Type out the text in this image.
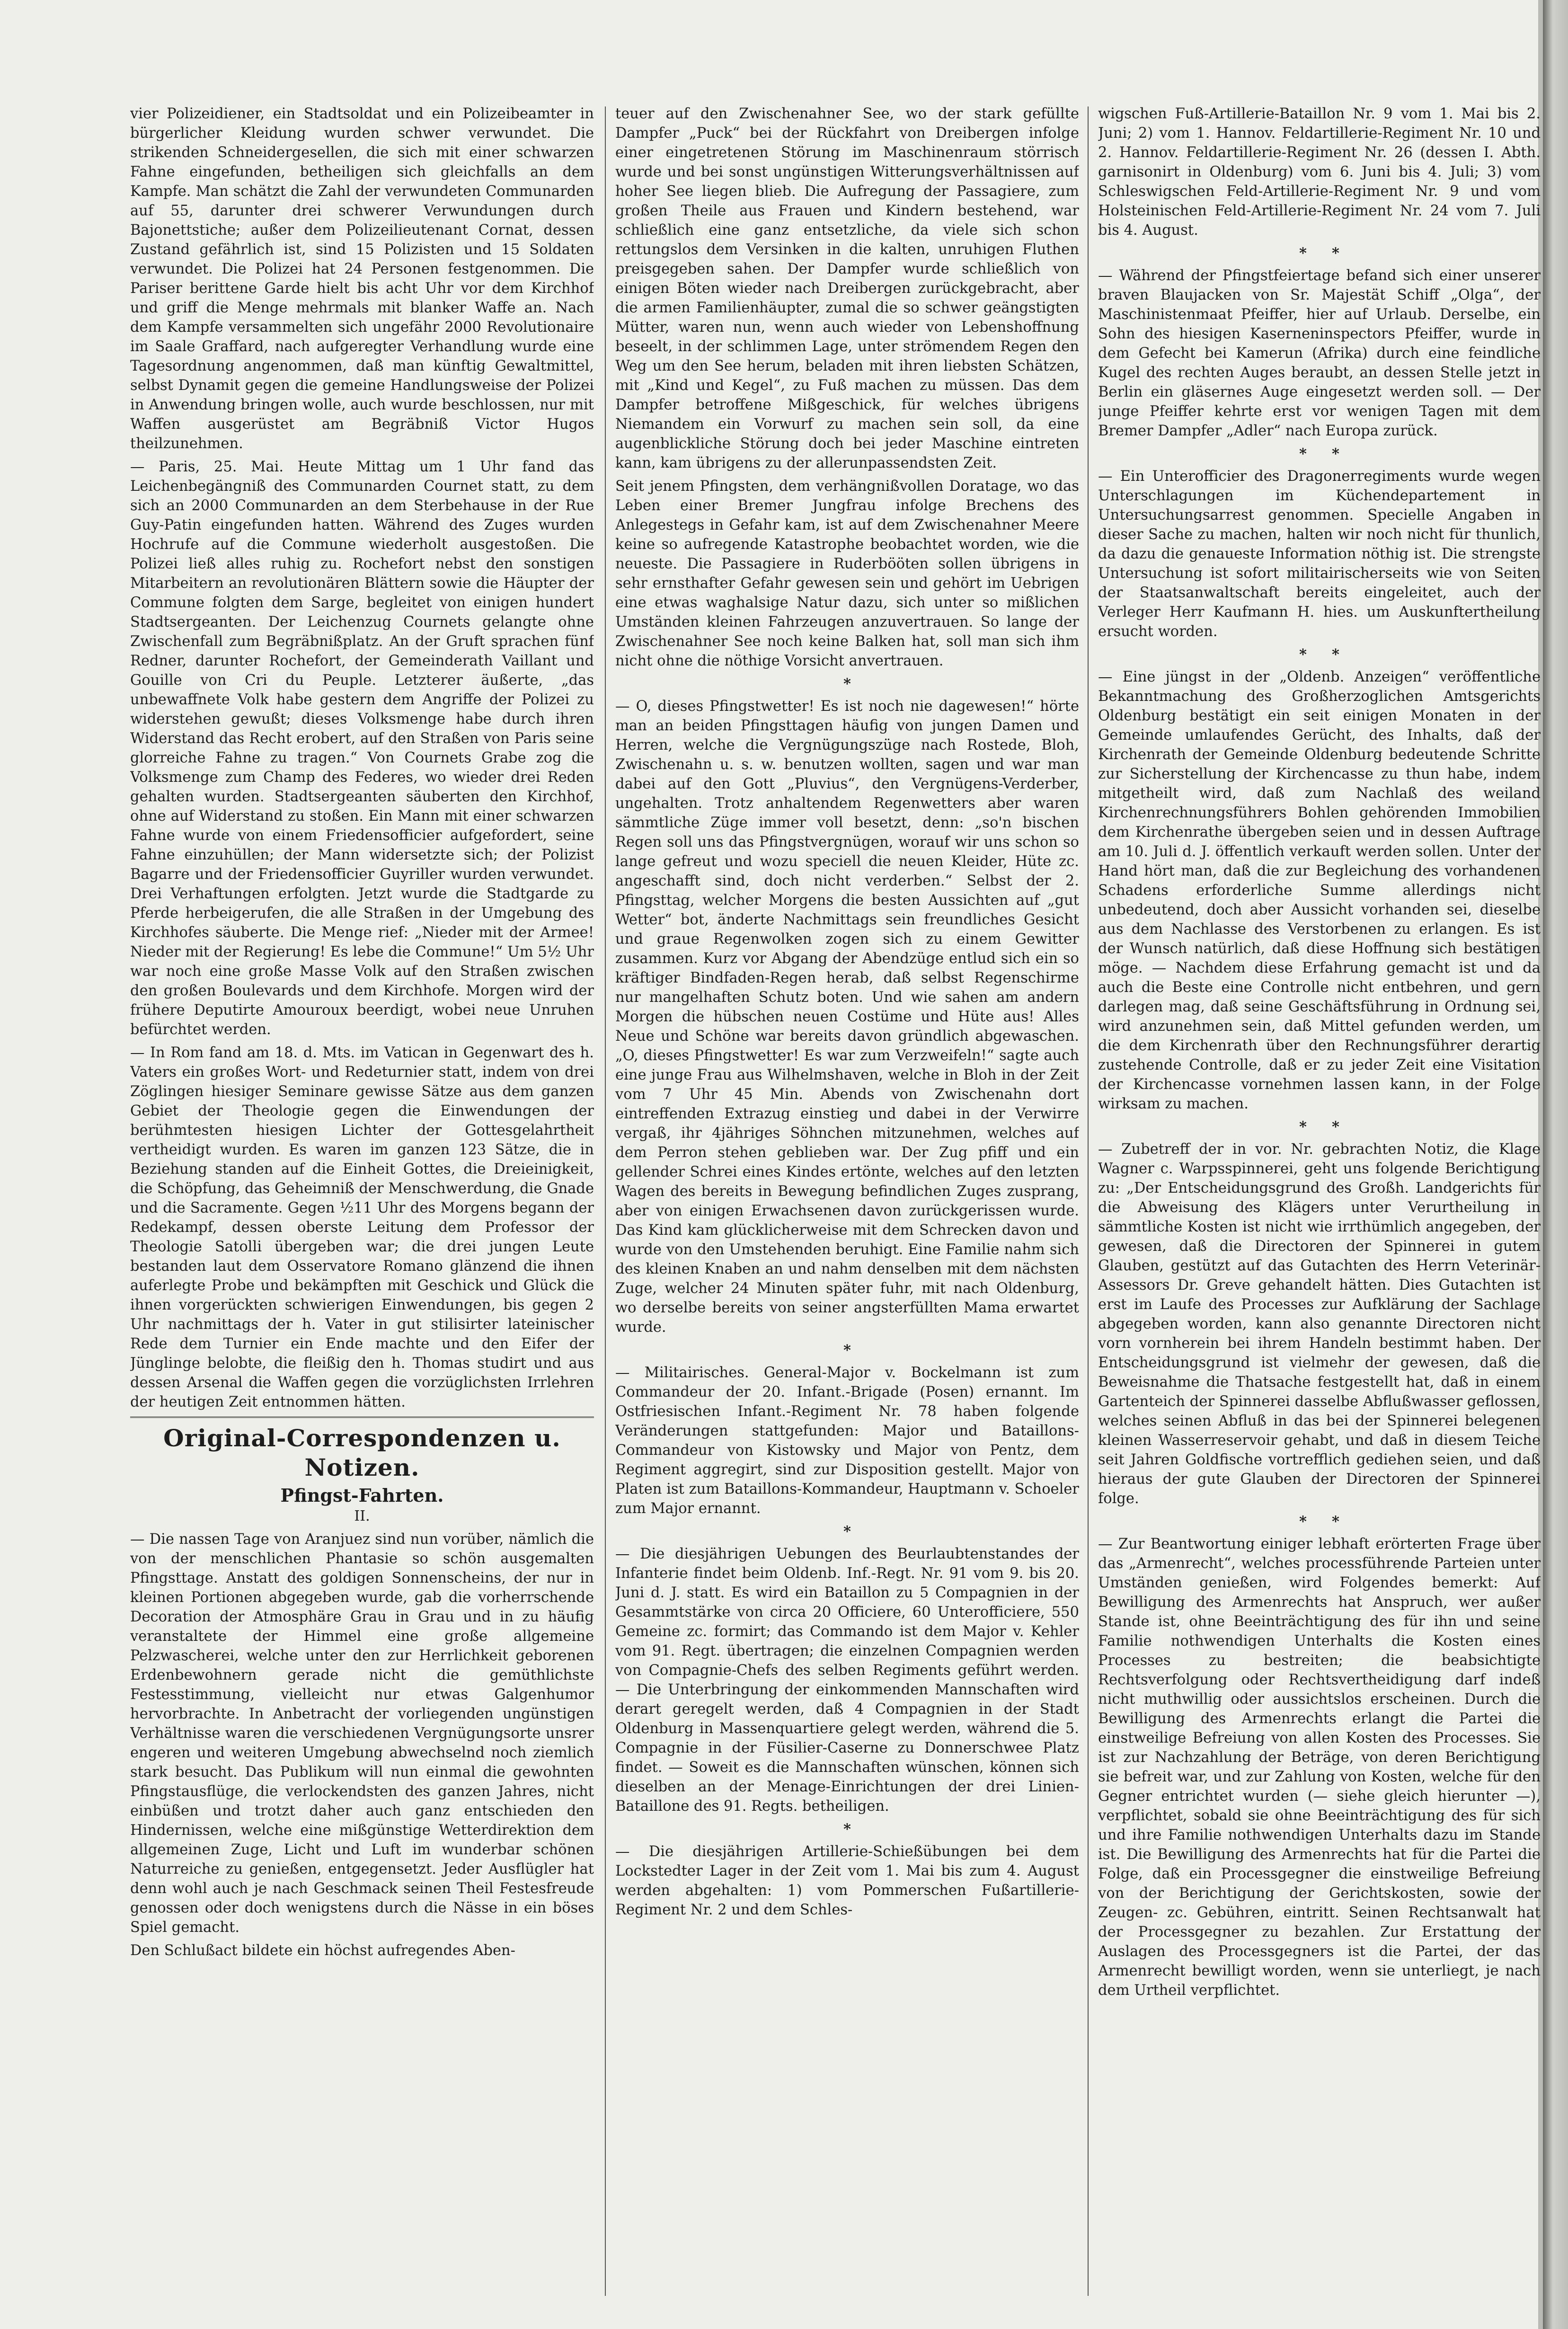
vier Polizeidiener, ein Stadtsoldat und ein Polizeibeamter in bürgerlicher Kleidung wurden schwer verwundet. Die strikenden Schneidergesellen, die sich mit einer schwarzen Fahne eingefunden, betheiligen sich gleichfalls an dem Kampfe. Man schätzt die Zahl der verwundeten Communarden auf 55, darunter drei schwerer Verwundungen durch Bajonettstiche; außer dem Polizeilieutenant Cornat, dessen Zustand gefährlich ist, sind 15 Polizisten und 15 Soldaten verwundet. Die Polizei hat 24 Personen festgenommen. Die Pariser berittene Garde hielt bis acht Uhr vor dem Kirchhof und griff die Menge mehrmals mit blanker Waffe an. Nach dem Kampfe versammelten sich ungefähr 2000 Revolutionaire im Saale Graffard, nach aufgeregter Verhandlung wurde eine Tagesordnung angenommen, daß man künftig Gewaltmittel, selbst Dynamit gegen die gemeine Handlungsweise der Polizei in Anwendung bringen wolle, auch wurde beschlossen, nur mit Waffen ausgerüstet am Begräbniß Victor Hugos theilzunehmen.

— Paris, 25. Mai. Heute Mittag um 1 Uhr fand das Leichenbegängniß des Communarden Cournet statt, zu dem sich an 2000 Communarden an dem Sterbehause in der Rue Guy-Patin eingefunden hatten. Während des Zuges wurden Hochrufe auf die Commune wiederholt ausgestoßen. Die Polizei ließ alles ruhig zu. Rochefort nebst den sonstigen Mitarbeitern an revolutionären Blättern sowie die Häupter der Commune folgten dem Sarge, begleitet von einigen hundert Stadtsergeanten. Der Leichenzug Cournets gelangte ohne Zwischenfall zum Begräbnißplatz. An der Gruft sprachen fünf Redner, darunter Rochefort, der Gemeinderath Vaillant und Gouille von Cri du Peuple. Letzterer äußerte, „das unbewaffnete Volk habe gestern dem Angriffe der Polizei zu widerstehen gewußt; dieses Volksmenge habe durch ihren Widerstand das Recht erobert, auf den Straßen von Paris seine glorreiche Fahne zu tragen.“ Von Cournets Grabe zog die Volksmenge zum Champ des Federes, wo wieder drei Reden gehalten wurden. Stadtsergeanten säuberten den Kirchhof, ohne auf Widerstand zu stoßen. Ein Mann mit einer schwarzen Fahne wurde von einem Friedensofficier aufgefordert, seine Fahne einzuhüllen; der Mann widersetzte sich; der Polizist Bagarre und der Friedensofficier Guyriller wurden verwundet. Drei Verhaftungen erfolgten. Jetzt wurde die Stadtgarde zu Pferde herbeigerufen, die alle Straßen in der Umgebung des Kirchhofes säuberte. Die Menge rief: „Nieder mit der Armee! Nieder mit der Regierung! Es lebe die Commune!“ Um 5½ Uhr war noch eine große Masse Volk auf den Straßen zwischen den großen Boulevards und dem Kirchhofe. Morgen wird der frühere Deputirte Amouroux beerdigt, wobei neue Unruhen befürchtet werden.

— In Rom fand am 18. d. Mts. im Vatican in Gegenwart des h. Vaters ein großes Wort- und Redeturnier statt, indem von drei Zöglingen hiesiger Seminare gewisse Sätze aus dem ganzen Gebiet der Theologie gegen die Einwendungen der berühmtesten hiesigen Lichter der Gottesgelahrtheit vertheidigt wurden. Es waren im ganzen 123 Sätze, die in Beziehung standen auf die Einheit Gottes, die Dreieinigkeit, die Schöpfung, das Geheimniß der Menschwerdung, die Gnade und die Sacramente. Gegen ½11 Uhr des Morgens begann der Redekampf, dessen oberste Leitung dem Professor der Theologie Satolli übergeben war; die drei jungen Leute bestanden laut dem Osservatore Romano glänzend die ihnen auferlegte Probe und bekämpften mit Geschick und Glück die ihnen vorgerückten schwierigen Einwendungen, bis gegen 2 Uhr nachmittags der h. Vater in gut stilisirter lateinischer Rede dem Turnier ein Ende machte und den Eifer der Jünglinge belobte, die fleißig den h. Thomas studirt und aus dessen Arsenal die Waffen gegen die vorzüglichsten Irrlehren der heutigen Zeit entnommen hätten.

Original-Correspondenzen u. Notizen.
Pfingst-Fahrten.
II.

— Die nassen Tage von Aranjuez sind nun vorüber, nämlich die von der menschlichen Phantasie so schön ausgemalten Pfingsttage. Anstatt des goldigen Sonnenscheins, der nur in kleinen Portionen abgegeben wurde, gab die vorherrschende Decoration der Atmosphäre Grau in Grau und in zu häufig veranstaltete der Himmel eine große allgemeine Pelzwascherei, welche unter den zur Herrlichkeit geborenen Erdenbewohnern gerade nicht die gemüthlichste Festesstimmung, vielleicht nur etwas Galgenhumor hervorbrachte. In Anbetracht der vorliegenden ungünstigen Verhältnisse waren die verschiedenen Vergnügungsorte unsrer engeren und weiteren Umgebung abwechselnd noch ziemlich stark besucht. Das Publikum will nun einmal die gewohnten Pfingstausflüge, die verlockendsten des ganzen Jahres, nicht einbüßen und trotzt daher auch ganz entschieden den Hindernissen, welche eine mißgünstige Wetterdirektion dem allgemeinen Zuge, Licht und Luft im wunderbar schönen Naturreiche zu genießen, entgegensetzt. Jeder Ausflügler hat denn wohl auch je nach Geschmack seinen Theil Festesfreude genossen oder doch wenigstens durch die Nässe in ein böses Spiel gemacht.

Den Schlußact bildete ein höchst aufregendes Aben-

teuer auf den Zwischenahner See, wo der stark gefüllte Dampfer „Puck“ bei der Rückfahrt von Dreibergen infolge einer eingetretenen Störung im Maschinenraum störrisch wurde und bei sonst ungünstigen Witterungsverhältnissen auf hoher See liegen blieb. Die Aufregung der Passagiere, zum großen Theile aus Frauen und Kindern bestehend, war schließlich eine ganz entsetzliche, da viele sich schon rettungslos dem Versinken in die kalten, unruhigen Fluthen preisgegeben sahen. Der Dampfer wurde schließlich von einigen Böten wieder nach Dreibergen zurückgebracht, aber die armen Familienhäupter, zumal die so schwer geängstigten Mütter, waren nun, wenn auch wieder von Lebenshoffnung beseelt, in der schlimmen Lage, unter strömendem Regen den Weg um den See herum, beladen mit ihren liebsten Schätzen, mit „Kind und Kegel“, zu Fuß machen zu müssen. Das dem Dampfer betroffene Mißgeschick, für welches übrigens Niemandem ein Vorwurf zu machen sein soll, da eine augenblickliche Störung doch bei jeder Maschine eintreten kann, kam übrigens zu der allerunpassendsten Zeit.

Seit jenem Pfingsten, dem verhängnißvollen Doratage, wo das Leben einer Bremer Jungfrau infolge Brechens des Anlegestegs in Gefahr kam, ist auf dem Zwischenahner Meere keine so aufregende Katastrophe beobachtet worden, wie die neueste. Die Passagiere in Ruderbööten sollen übrigens in sehr ernsthafter Gefahr gewesen sein und gehört im Uebrigen eine etwas waghalsige Natur dazu, sich unter so mißlichen Umständen kleinen Fahrzeugen anzuvertrauen. So lange der Zwischenahner See noch keine Balken hat, soll man sich ihm nicht ohne die nöthige Vorsicht anvertrauen.

*

— O, dieses Pfingstwetter! Es ist noch nie dagewesen!“ hörte man an beiden Pfingsttagen häufig von jungen Damen und Herren, welche die Vergnügungszüge nach Rostede, Bloh, Zwischenahn u. s. w. benutzen wollten, sagen und war man dabei auf den Gott „Pluvius“, den Vergnügens-Verderber, ungehalten. Trotz anhaltendem Regenwetters aber waren sämmtliche Züge immer voll besetzt, denn: „so'n bischen Regen soll uns das Pfingstvergnügen, worauf wir uns schon so lange gefreut und wozu speciell die neuen Kleider, Hüte zc. angeschafft sind, doch nicht verderben.“ Selbst der 2. Pfingsttag, welcher Morgens die besten Aussichten auf „gut Wetter“ bot, änderte Nachmittags sein freundliches Gesicht und graue Regenwolken zogen sich zu einem Gewitter zusammen. Kurz vor Abgang der Abendzüge entlud sich ein so kräftiger Bindfaden-Regen herab, daß selbst Regenschirme nur mangelhaften Schutz boten. Und wie sahen am andern Morgen die hübschen neuen Costüme und Hüte aus! Alles Neue und Schöne war bereits davon gründlich abgewaschen. „O, dieses Pfingstwetter! Es war zum Verzweifeln!“ sagte auch eine junge Frau aus Wilhelmshaven, welche in Bloh in der Zeit vom 7 Uhr 45 Min. Abends von Zwischenahn dort eintreffenden Extrazug einstieg und dabei in der Verwirre vergaß, ihr 4jähriges Söhnchen mitzunehmen, welches auf dem Perron stehen geblieben war. Der Zug pfiff und ein gellender Schrei eines Kindes ertönte, welches auf den letzten Wagen des bereits in Bewegung befindlichen Zuges zusprang, aber von einigen Erwachsenen davon zurückgerissen wurde. Das Kind kam glücklicherweise mit dem Schrecken davon und wurde von den Umstehenden beruhigt. Eine Familie nahm sich des kleinen Knaben an und nahm denselben mit dem nächsten Zuge, welcher 24 Minuten später fuhr, mit nach Oldenburg, wo derselbe bereits von seiner angsterfüllten Mama erwartet wurde.

*

— Militairisches. General-Major v. Bockelmann ist zum Commandeur der 20. Infant.-Brigade (Posen) ernannt. Im Ostfriesischen Infant.-Regiment Nr. 78 haben folgende Veränderungen stattgefunden: Major und Bataillons-Commandeur von Kistowsky und Major von Pentz, dem Regiment aggregirt, sind zur Disposition gestellt. Major von Platen ist zum Bataillons-Kommandeur, Hauptmann v. Schoeler zum Major ernannt.

*

— Die diesjährigen Uebungen des Beurlaubtenstandes der Infanterie findet beim Oldenb. Inf.-Regt. Nr. 91 vom 9. bis 20. Juni d. J. statt. Es wird ein Bataillon zu 5 Compagnien in der Gesammtstärke von circa 20 Officiere, 60 Unterofficiere, 550 Gemeine zc. formirt; das Commando ist dem Major v. Kehler vom 91. Regt. übertragen; die einzelnen Compagnien werden von Compagnie-Chefs des selben Regiments geführt werden. — Die Unterbringung der einkommenden Mannschaften wird derart geregelt werden, daß 4 Compagnien in der Stadt Oldenburg in Massenquartiere gelegt werden, während die 5. Compagnie in der Füsilier-Caserne zu Donnerschwee Platz findet. — Soweit es die Mannschaften wünschen, können sich dieselben an der Menage-Einrichtungen der drei Linien-Bataillone des 91. Regts. betheiligen.

*

— Die diesjährigen Artillerie-Schießübungen bei dem Lockstedter Lager in der Zeit vom 1. Mai bis zum 4. August werden abgehalten: 1) vom Pommerschen Fußartillerie-Regiment Nr. 2 und dem Schles-

wigschen Fuß-Artillerie-Bataillon Nr. 9 vom 1. Mai bis 2. Juni; 2) vom 1. Hannov. Feldartillerie-Regiment Nr. 10 und 2. Hannov. Feldartillerie-Regiment Nr. 26 (dessen I. Abth. garnisonirt in Oldenburg) vom 6. Juni bis 4. Juli; 3) vom Schleswigschen Feld-Artillerie-Regiment Nr. 9 und vom Holsteinischen Feld-Artillerie-Regiment Nr. 24 vom 7. Juli bis 4. August.

*     *

— Während der Pfingstfeiertage befand sich einer unserer braven Blaujacken von Sr. Majestät Schiff „Olga“, der Maschinistenmaat Pfeiffer, hier auf Urlaub. Derselbe, ein Sohn des hiesigen Kaserneninspectors Pfeiffer, wurde in dem Gefecht bei Kamerun (Afrika) durch eine feindliche Kugel des rechten Auges beraubt, an dessen Stelle jetzt in Berlin ein gläsernes Auge eingesetzt werden soll. — Der junge Pfeiffer kehrte erst vor wenigen Tagen mit dem Bremer Dampfer „Adler“ nach Europa zurück.

*     *

— Ein Unterofficier des Dragonerregiments wurde wegen Unterschlagungen im Küchendepartement in Untersuchungsarrest genommen. Specielle Angaben in dieser Sache zu machen, halten wir noch nicht für thunlich, da dazu die genaueste Information nöthig ist. Die strengste Untersuchung ist sofort militairischerseits wie von Seiten der Staatsanwaltschaft bereits eingeleitet, auch der Verleger Herr Kaufmann H. hies. um Auskunftertheilung ersucht worden.

*     *

— Eine jüngst in der „Oldenb. Anzeigen“ veröffentliche Bekanntmachung des Großherzoglichen Amtsgerichts Oldenburg bestätigt ein seit einigen Monaten in der Gemeinde umlaufendes Gerücht, des Inhalts, daß der Kirchenrath der Gemeinde Oldenburg bedeutende Schritte zur Sicherstellung der Kirchencasse zu thun habe, indem mitgetheilt wird, daß zum Nachlaß des weiland Kirchenrechnungsführers Bohlen gehörenden Immobilien dem Kirchenrathe übergeben seien und in dessen Auftrage am 10. Juli d. J. öffentlich verkauft werden sollen. Unter der Hand hört man, daß die zur Begleichung des vorhandenen Schadens erforderliche Summe allerdings nicht unbedeutend, doch aber Aussicht vorhanden sei, dieselbe aus dem Nachlasse des Verstorbenen zu erlangen. Es ist der Wunsch natürlich, daß diese Hoffnung sich bestätigen möge. — Nachdem diese Erfahrung gemacht ist und da auch die Beste eine Controlle nicht entbehren, und gern darlegen mag, daß seine Geschäftsführung in Ordnung sei, wird anzunehmen sein, daß Mittel gefunden werden, um die dem Kirchenrath über den Rechnungsführer derartig zustehende Controlle, daß er zu jeder Zeit eine Visitation der Kirchencasse vornehmen lassen kann, in der Folge wirksam zu machen.

*     *

— Zubetreff der in vor. Nr. gebrachten Notiz, die Klage Wagner c. Warpsspinnerei, geht uns folgende Berichtigung zu: „Der Entscheidungsgrund des Großh. Landgerichts für die Abweisung des Klägers unter Verurtheilung in sämmtliche Kosten ist nicht wie irrthümlich angegeben, der gewesen, daß die Directoren der Spinnerei in gutem Glauben, gestützt auf das Gutachten des Herrn Veterinär-Assessors Dr. Greve gehandelt hätten. Dies Gutachten ist erst im Laufe des Processes zur Aufklärung der Sachlage abgegeben worden, kann also genannte Directoren nicht vorn vornherein bei ihrem Handeln bestimmt haben. Der Entscheidungsgrund ist vielmehr der gewesen, daß die Beweisnahme die Thatsache festgestellt hat, daß in einem Gartenteich der Spinnerei dasselbe Abflußwasser geflossen, welches seinen Abfluß in das bei der Spinnerei belegenen kleinen Wasserreservoir gehabt, und daß in diesem Teiche seit Jahren Goldfische vortrefflich gediehen seien, und daß hieraus der gute Glauben der Directoren der Spinnerei folge.

*     *

— Zur Beantwortung einiger lebhaft erörterten Frage über das „Armenrecht“, welches processführende Parteien unter Umständen genießen, wird Folgendes bemerkt: Auf Bewilligung des Armenrechts hat Anspruch, wer außer Stande ist, ohne Beeinträchtigung des für ihn und seine Familie nothwendigen Unterhalts die Kosten eines Processes zu bestreiten; die beabsichtigte Rechtsverfolgung oder Rechtsvertheidigung darf indeß nicht muthwillig oder aussichtslos erscheinen. Durch die Bewilligung des Armenrechts erlangt die Partei die einstweilige Befreiung von allen Kosten des Processes. Sie ist zur Nachzahlung der Beträge, von deren Berichtigung sie befreit war, und zur Zahlung von Kosten, welche für den Gegner entrichtet wurden (— siehe gleich hierunter —), verpflichtet, sobald sie ohne Beeinträchtigung des für sich und ihre Familie nothwendigen Unterhalts dazu im Stande ist. Die Bewilligung des Armenrechts hat für die Partei die Folge, daß ein Processgegner die einstweilige Befreiung von der Berichtigung der Gerichtskosten, sowie der Zeugen- zc. Gebühren, eintritt. Seinen Rechtsanwalt hat der Processgegner zu bezahlen. Zur Erstattung der Auslagen des Processgegners ist die Partei, der das Armenrecht bewilligt worden, wenn sie unterliegt, je nach dem Urtheil verpflichtet.
